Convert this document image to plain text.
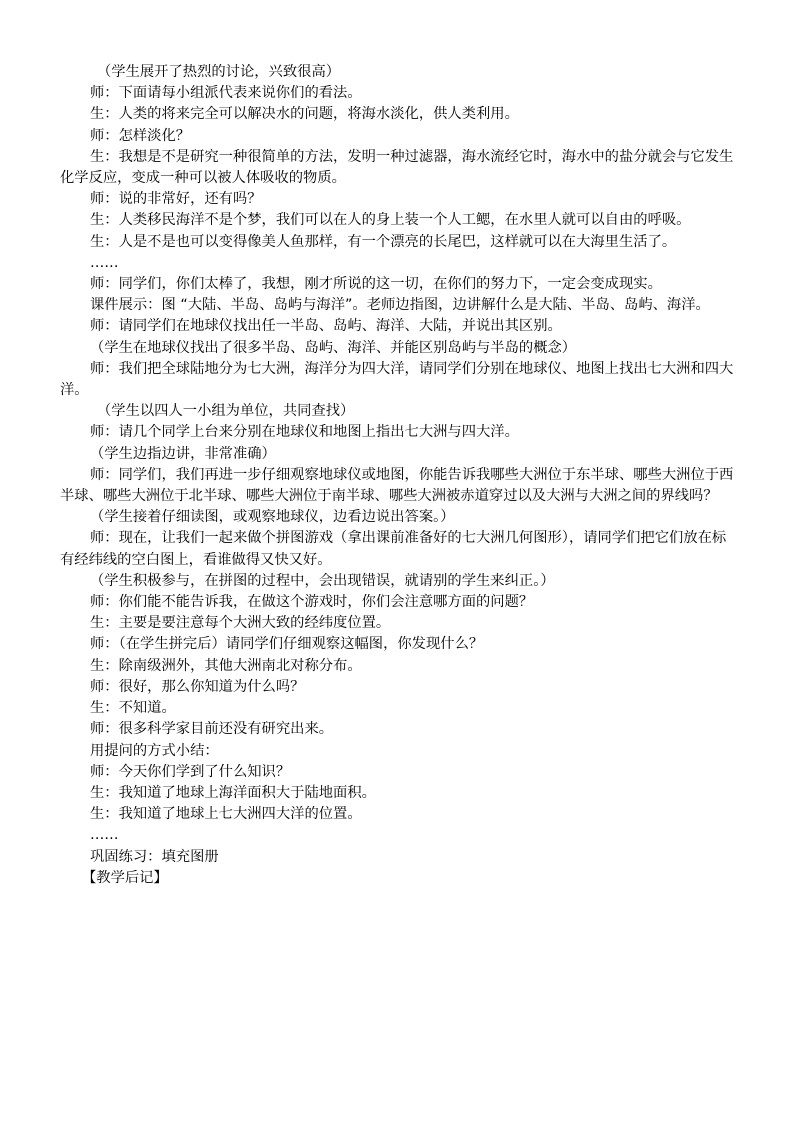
（学生展开了热烈的讨论，兴致很高）

师：下面请每小组派代表来说你们的看法。

生：人类的将来完全可以解决水的问题，将海水淡化，供人类利用。

师：怎样淡化？

生：我想是不是研究一种很简单的方法，发明一种过滤器，海水流经它时，海水中的盐分就会与它发生化学反应，变成一种可以被人体吸收的物质。

师：说的非常好，还有吗？

生：人类移民海洋不是个梦，我们可以在人的身上装一个人工鳃，在水里人就可以自由的呼吸。

生：人是不是也可以变得像美人鱼那样，有一个漂亮的长尾巴，这样就可以在大海里生活了。

……

师：同学们，你们太棒了，我想，刚才所说的这一切，在你们的努力下，一定会变成现实。

课件展示：图 “大陆、半岛、岛屿与海洋”。老师边指图，边讲解什么是大陆、半岛、岛屿、海洋。

师：请同学们在地球仪找出任一半岛、岛屿、海洋、大陆，并说出其区别。

（学生在地球仪找出了很多半岛、岛屿、海洋、并能区别岛屿与半岛的概念）

师：我们把全球陆地分为七大洲，海洋分为四大洋，请同学们分别在地球仪、地图上找出七大洲和四大洋。

（学生以四人一小组为单位，共同查找）

师：请几个同学上台来分别在地球仪和地图上指出七大洲与四大洋。

（学生边指边讲，非常准确）

师：同学们，我们再进一步仔细观察地球仪或地图，你能告诉我哪些大洲位于东半球、哪些大洲位于西半球、哪些大洲位于北半球、哪些大洲位于南半球、哪些大洲被赤道穿过以及大洲与大洲之间的界线吗？

（学生接着仔细读图，或观察地球仪，边看边说出答案。）

师：现在，让我们一起来做个拼图游戏（拿出课前准备好的七大洲几何图形），请同学们把它们放在标有经纬线的空白图上，看谁做得又快又好。

（学生积极参与，在拼图的过程中，会出现错误，就请别的学生来纠正。）

师：你们能不能告诉我，在做这个游戏时，你们会注意哪方面的问题？

生：主要是要注意每个大洲大致的经纬度位置。

师：（在学生拼完后）请同学们仔细观察这幅图，你发现什么？

生：除南级洲外，其他大洲南北对称分布。

师：很好，那么你知道为什么吗？

生：不知道。

师：很多科学家目前还没有研究出来。

用提问的方式小结：

师：今天你们学到了什么知识？

生：我知道了地球上海洋面积大于陆地面积。

生：我知道了地球上七大洲四大洋的位置。

……

巩固练习：填充图册

【教学后记】
